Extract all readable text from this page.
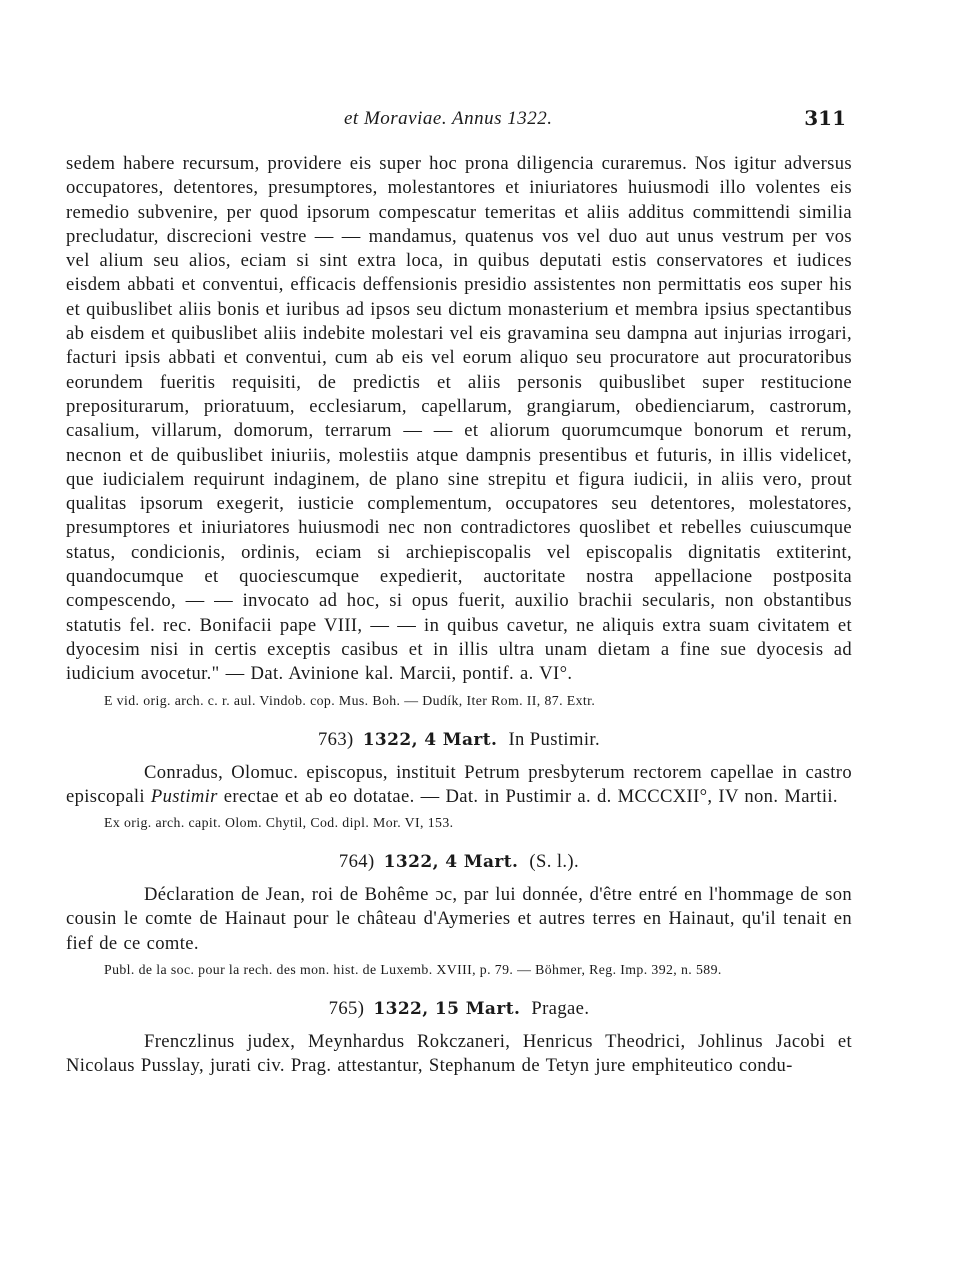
et Moraviae. Annus 1322.	311

sedem habere recursum, providere eis super hoc prona diligencia curaremus. Nos igitur adversus occupatores, detentores, presumptores, molestantores et iniuriatores huiusmodi illo volentes eis remedio subvenire, per quod ipsorum compescatur temeritas et aliis additus committendi similia precludatur, discrecioni vestre — — mandamus, quatenus vos vel duo aut unus vestrum per vos vel alium seu alios, eciam si sint extra loca, in quibus deputati estis conservatores et iudices eisdem abbati et conventui, efficacis deffensionis presidio assistentes non permittatis eos super his et quibuslibet aliis bonis et iuribus ad ipsos seu dictum monasterium et membra ipsius spectantibus ab eisdem et quibuslibet aliis indebite molestari vel eis gravamina seu dampna aut injurias irrogari, facturi ipsis abbati et conventui, cum ab eis vel eorum aliquo seu procuratore aut procuratoribus eorundem fueritis requisiti, de predictis et aliis personis quibuslibet super restitucione prepositurarum, prioratuum, ecclesiarum, capellarum, grangiarum, obedienciarum, castrorum, casalium, villarum, domorum, terrarum — — et aliorum quorumcumque bonorum et rerum, necnon et de quibuslibet iniuriis, molestiis atque dampnis presentibus et futuris, in illis videlicet, que iudicialem requirunt indaginem, de plano sine strepitu et figura iudicii, in aliis vero, prout qualitas ipsorum exegerit, iusticie complementum, occupatores seu detentores, molestatores, presumptores et iniuriatores huiusmodi nec non contradictores quoslibet et rebelles cuiuscumque status, condicionis, ordinis, eciam si archiepiscopalis vel episcopalis dignitatis extiterint, quandocumque et quociescumque expedierit, auctoritate nostra appellacione postposita compescendo, — — invocato ad hoc, si opus fuerit, auxilio brachii secularis, non obstantibus statutis fel. rec. Bonifacii pape VIII, — — in quibus cavetur, ne aliquis extra suam civitatem et dyocesim nisi in certis exceptis casibus et in illis ultra unam dietam a fine sue dyocesis ad iudicium avocetur." — Dat. Avinione kal. Marcii, pontif. a. VI°.

E vid. orig. arch. c. r. aul. Vindob. cop. Mus. Boh. — Dudík, Iter Rom. II, 87. Extr.
763) 1322, 4 Mart. In Pustimir.

Conradus, Olomuc. episcopus, instituit Petrum presbyterum rectorem capellae in castro episcopali Pustimir erectae et ab eo dotatae. — Dat. in Pustimir a. d. MCCCXII°, IV non. Martii.

Ex orig. arch. capit. Olom. Chytil, Cod. dipl. Mor. VI, 153.
764) 1322, 4 Mart. (S. l.).

Déclaration de Jean, roi de Bohême ɔc, par lui donnée, d'être entré en l'hommage de son cousin le comte de Hainaut pour le château d'Aymeries et autres terres en Hainaut, qu'il tenait en fief de ce comte.

Publ. de la soc. pour la rech. des mon. hist. de Luxemb. XVIII, p. 79. — Böhmer, Reg. Imp. 392, n. 589.
765) 1322, 15 Mart. Pragae.

Frenczlinus judex, Meynhardus Rokczaneri, Henricus Theodrici, Johlinus Jacobi et Nicolaus Pusslay, jurati civ. Prag. attestantur, Stephanum de Tetyn jure emphiteutico condu-
